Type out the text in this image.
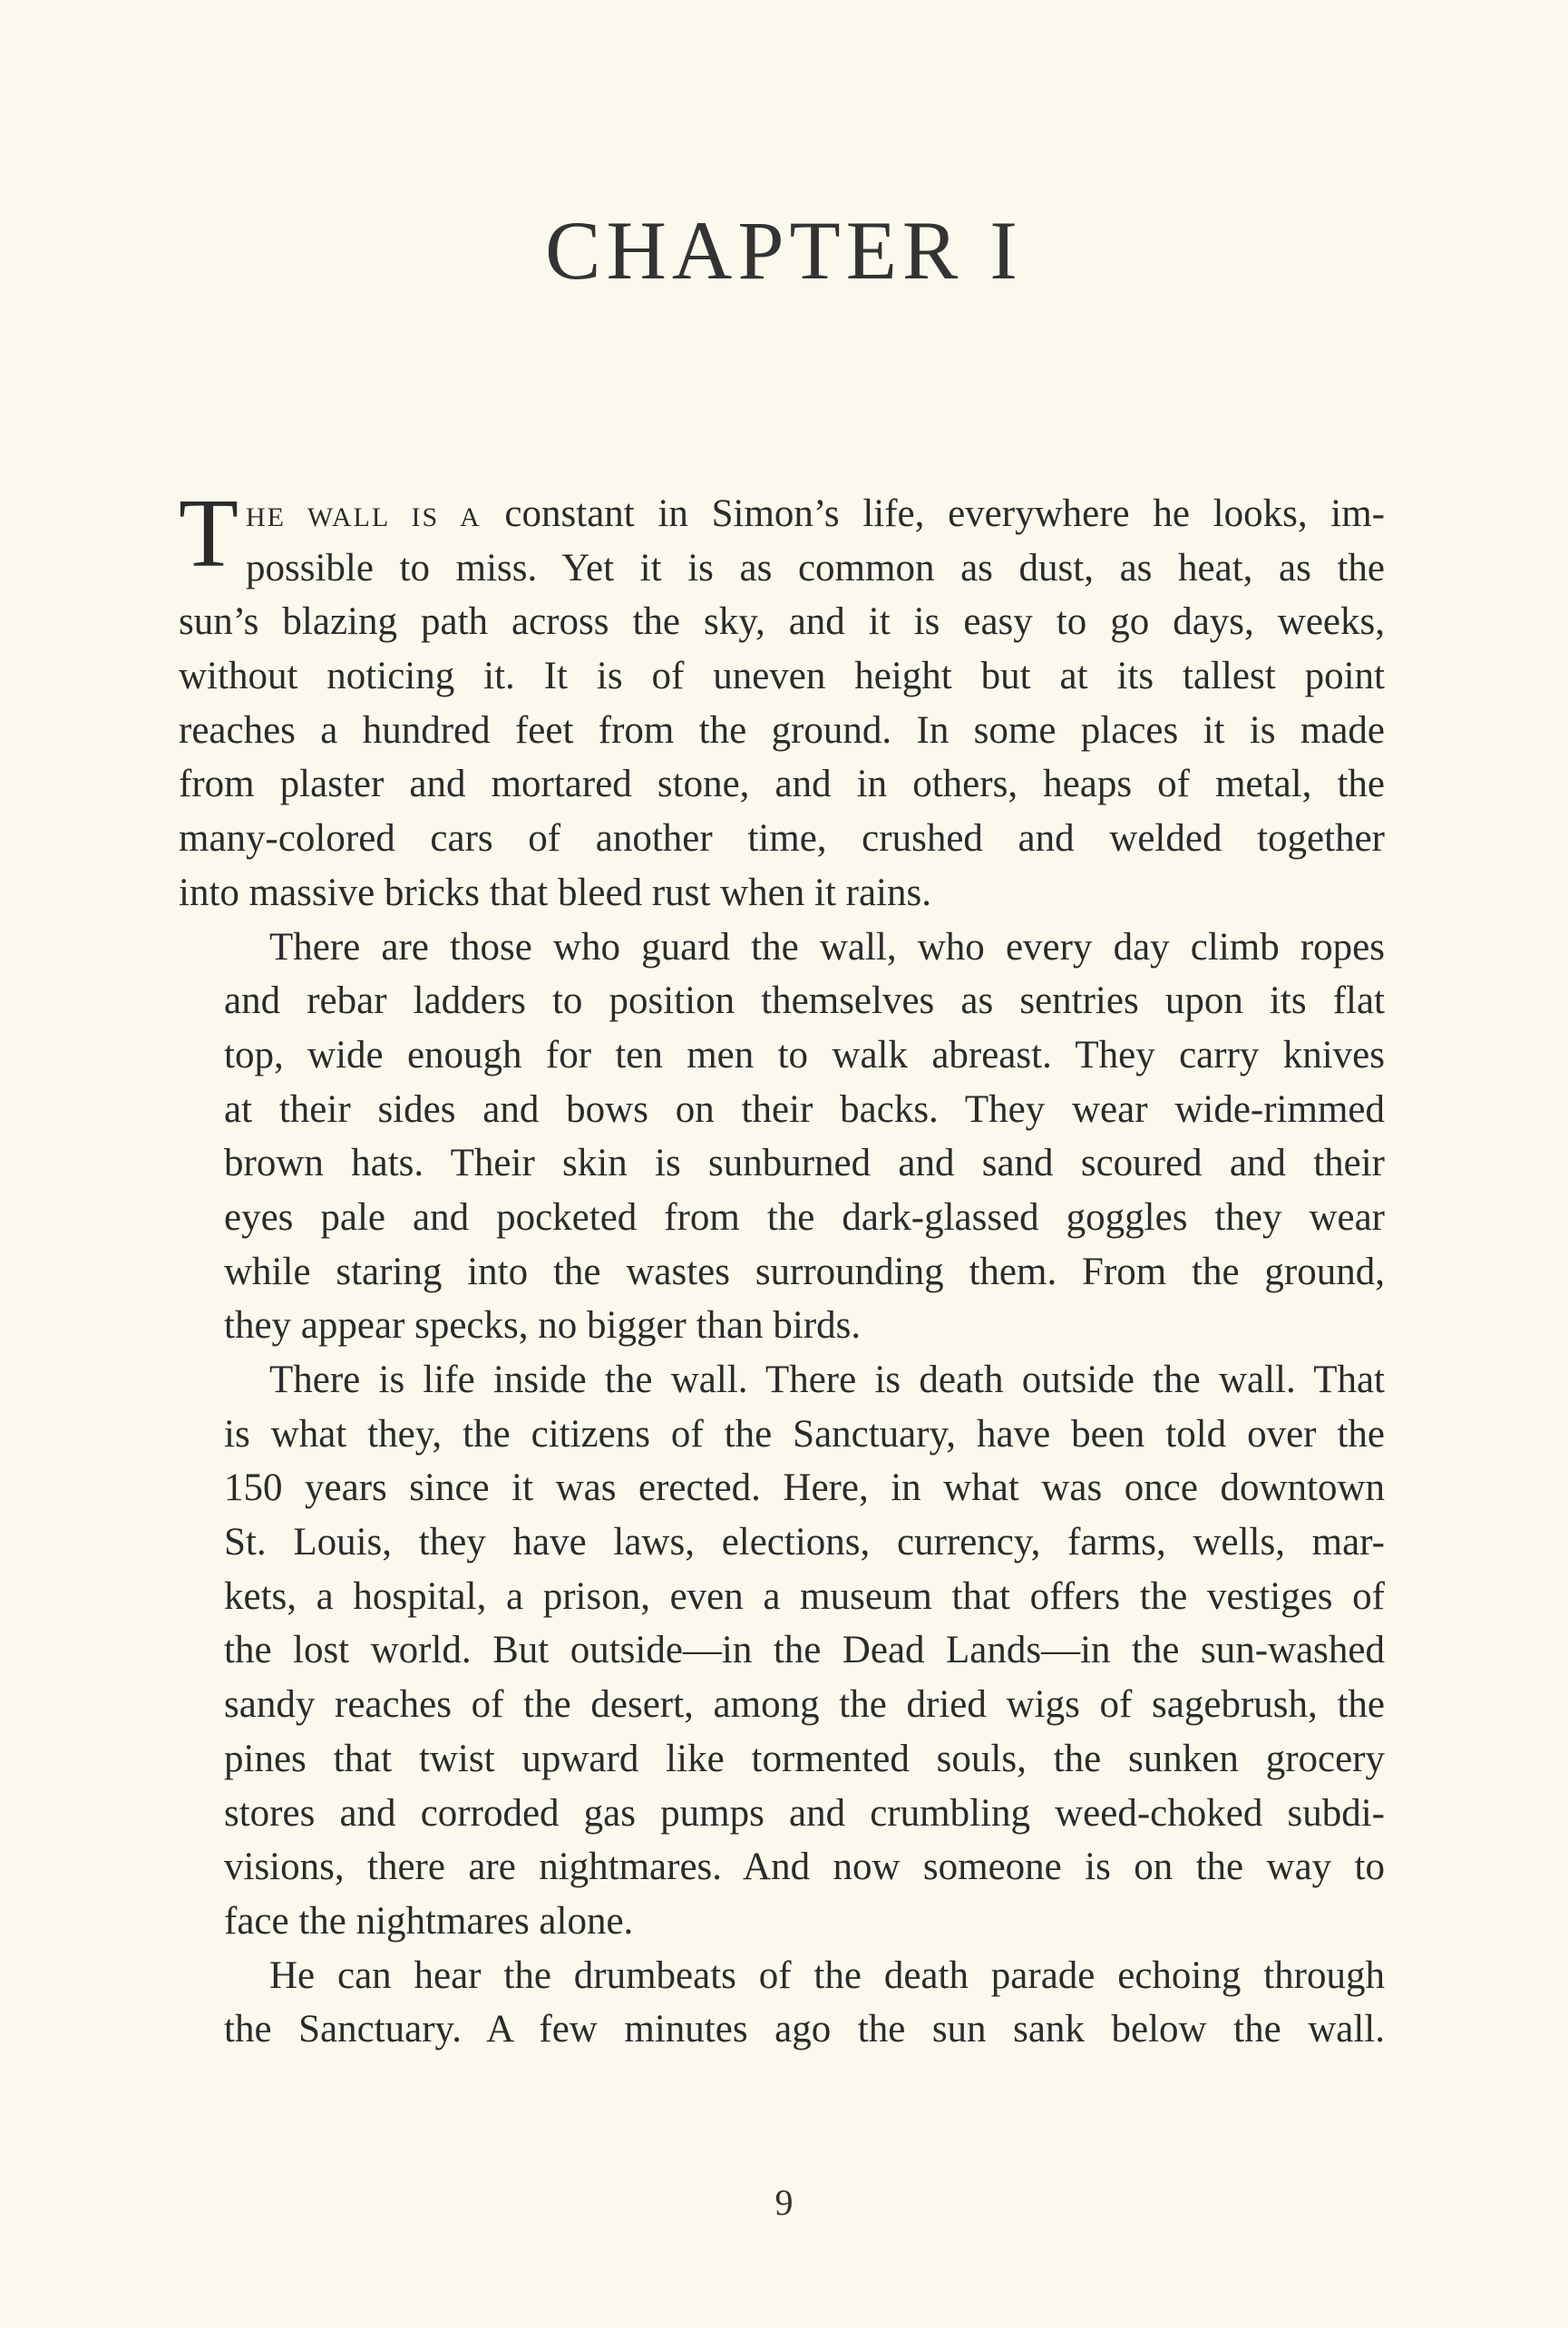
CHAPTER I
T HE WALL IS A constant in Simon’s life, everywhere he looks, im-
possible to miss. Yet it is as common as dust, as heat, as the
sun’s blazing path across the sky, and it is easy to go days, weeks,
without noticing it. It is of uneven height but at its tallest point
reaches a hundred feet from the ground. In some places it is made
from plaster and mortared stone, and in others, heaps of metal, the
many-colored cars of another time, crushed and welded together
into massive bricks that bleed rust when it rains.
There are those who guard the wall, who every day climb ropes
and rebar ladders to position themselves as sentries upon its flat
top, wide enough for ten men to walk abreast. They carry knives
at their sides and bows on their backs. They wear wide-rimmed
brown hats. Their skin is sunburned and sand scoured and their
eyes pale and pocketed from the dark-glassed goggles they wear
while staring into the wastes surrounding them. From the ground,
they appear specks, no bigger than birds.
There is life inside the wall. There is death outside the wall. That
is what they, the citizens of the Sanctuary, have been told over the
150 years since it was erected. Here, in what was once downtown
St. Louis, they have laws, elections, currency, farms, wells, mar-
kets, a hospital, a prison, even a museum that offers the vestiges of
the lost world. But outside—in the Dead Lands—in the sun-washed
sandy reaches of the desert, among the dried wigs of sagebrush, the
pines that twist upward like tormented souls, the sunken grocery
stores and corroded gas pumps and crumbling weed-choked subdi-
visions, there are nightmares. And now someone is on the way to
face the nightmares alone.
He can hear the drumbeats of the death parade echoing through
the Sanctuary. A few minutes ago the sun sank below the wall.
9
